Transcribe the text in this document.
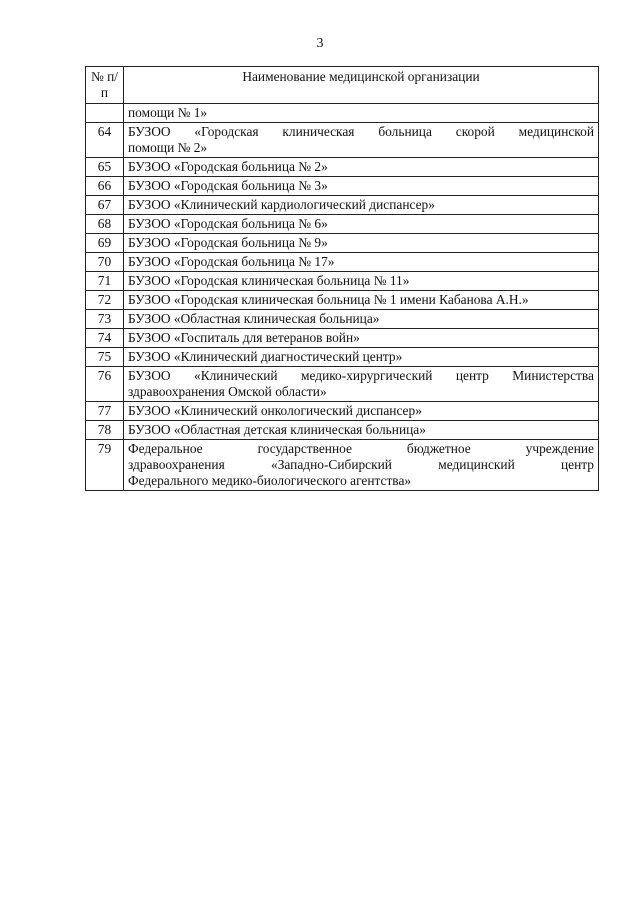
3
№ п/п	Наименование медицинской организации

	помощи № 1»

64	БУЗОО «Городская клиническая больница скорой медицинской
помощи № 2»

65	БУЗОО «Городская больница № 2»

66	БУЗОО «Городская больница № 3»

67	БУЗОО «Клинический кардиологический диспансер»

68	БУЗОО «Городская больница № 6»

69	БУЗОО «Городская больница № 9»

70	БУЗОО «Городская больница № 17»

71	БУЗОО «Городская клиническая больница № 11»

72	БУЗОО «Городская клиническая больница № 1 имени Кабанова А.Н.»

73	БУЗОО «Областная клиническая больница»

74	БУЗОО «Госпиталь для ветеранов войн»

75	БУЗОО «Клинический диагностический центр»

76	БУЗОО «Клинический медико-хирургический центр Министерства
здравоохранения Омской области»

77	БУЗОО «Клинический онкологический диспансер»

78	БУЗОО «Областная детская клиническая больница»

79	Федеральное государственное бюджетное учреждение
здравоохранения «Западно-Сибирский медицинский центр
Федерального медико-биологического агентства»
